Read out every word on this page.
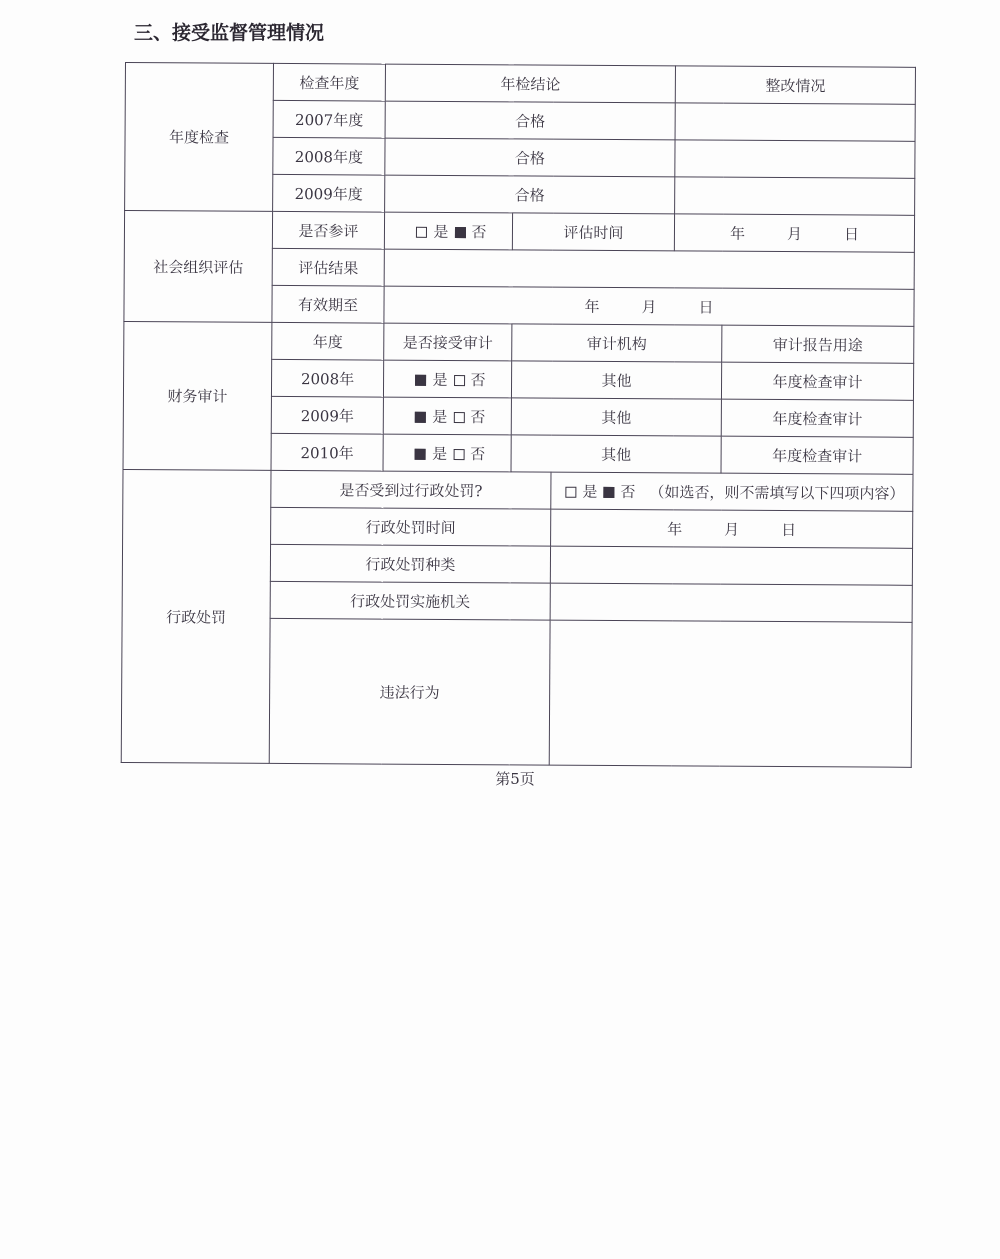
三、接受监督管理情况
年度检查	检查年度	年检结论			整改情况	
	2007年度	合格				
	2008年度	合格				
	2009年度	合格				
社会组织评估	是否参评	是 否	评估时间		年 月 日	
	评估结果					
	有效期至	年 月 日				
财务审计	年度	是否接受审计	审计机构			审计报告用途
	2008年	是 否	其他			年度检查审计
	2009年	是 否	其他			年度检查审计
	2010年	是 否	其他			年度检查审计
行政处罚	是否受到过行政处罚?			是 否 （如选否，则不需填写以下四项内容）		
	行政处罚时间			年 月 日		
	行政处罚种类					
	行政处罚实施机关					
	违法行为					
第5页
